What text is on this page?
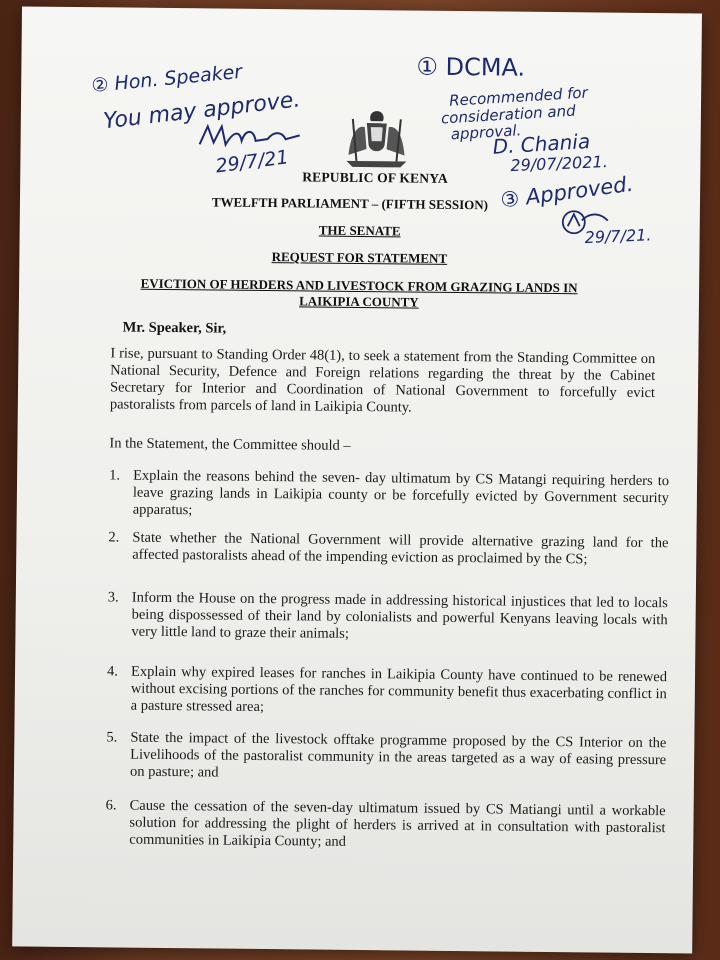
② Hon. Speaker
You may approve.
29/7/21
① DCMA.
Recommended for
consideration and
approval.
D. Chania
29/07/2021.
③ Approved.
29/7/21.
REPUBLIC OF KENYA
TWELFTH PARLIAMENT – (FIFTH SESSION)
THE SENATE
REQUEST FOR STATEMENT
EVICTION OF HERDERS AND LIVESTOCK FROM GRAZING LANDS IN
LAIKIPIA COUNTY
Mr. Speaker, Sir,
I rise, pursuant to Standing Order 48(1), to seek a statement from the Standing Committee on National Security, Defence and Foreign relations regarding the threat by the Cabinet Secretary for Interior and Coordination of National Government to forcefully evict pastoralists from parcels of land in Laikipia County.
In the Statement, the Committee should –
1. Explain the reasons behind the seven- day ultimatum by CS Matangi requiring herders to leave grazing lands in Laikipia county or be forcefully evicted by Government security apparatus;
2. State whether the National Government will provide alternative grazing land for the affected pastoralists ahead of the impending eviction as proclaimed by the CS;
3. Inform the House on the progress made in addressing historical injustices that led to locals being dispossessed of their land by colonialists and powerful Kenyans leaving locals with very little land to graze their animals;
4. Explain why expired leases for ranches in Laikipia County have continued to be renewed without excising portions of the ranches for community benefit thus exacerbating conflict in a pasture stressed area;
5. State the impact of the livestock offtake programme proposed by the CS Interior on the Livelihoods of the pastoralist community in the areas targeted as a way of easing pressure on pasture; and
6. Cause the cessation of the seven-day ultimatum issued by CS Matiangi until a workable solution for addressing the plight of herders is arrived at in consultation with pastoralist communities in Laikipia County; and
